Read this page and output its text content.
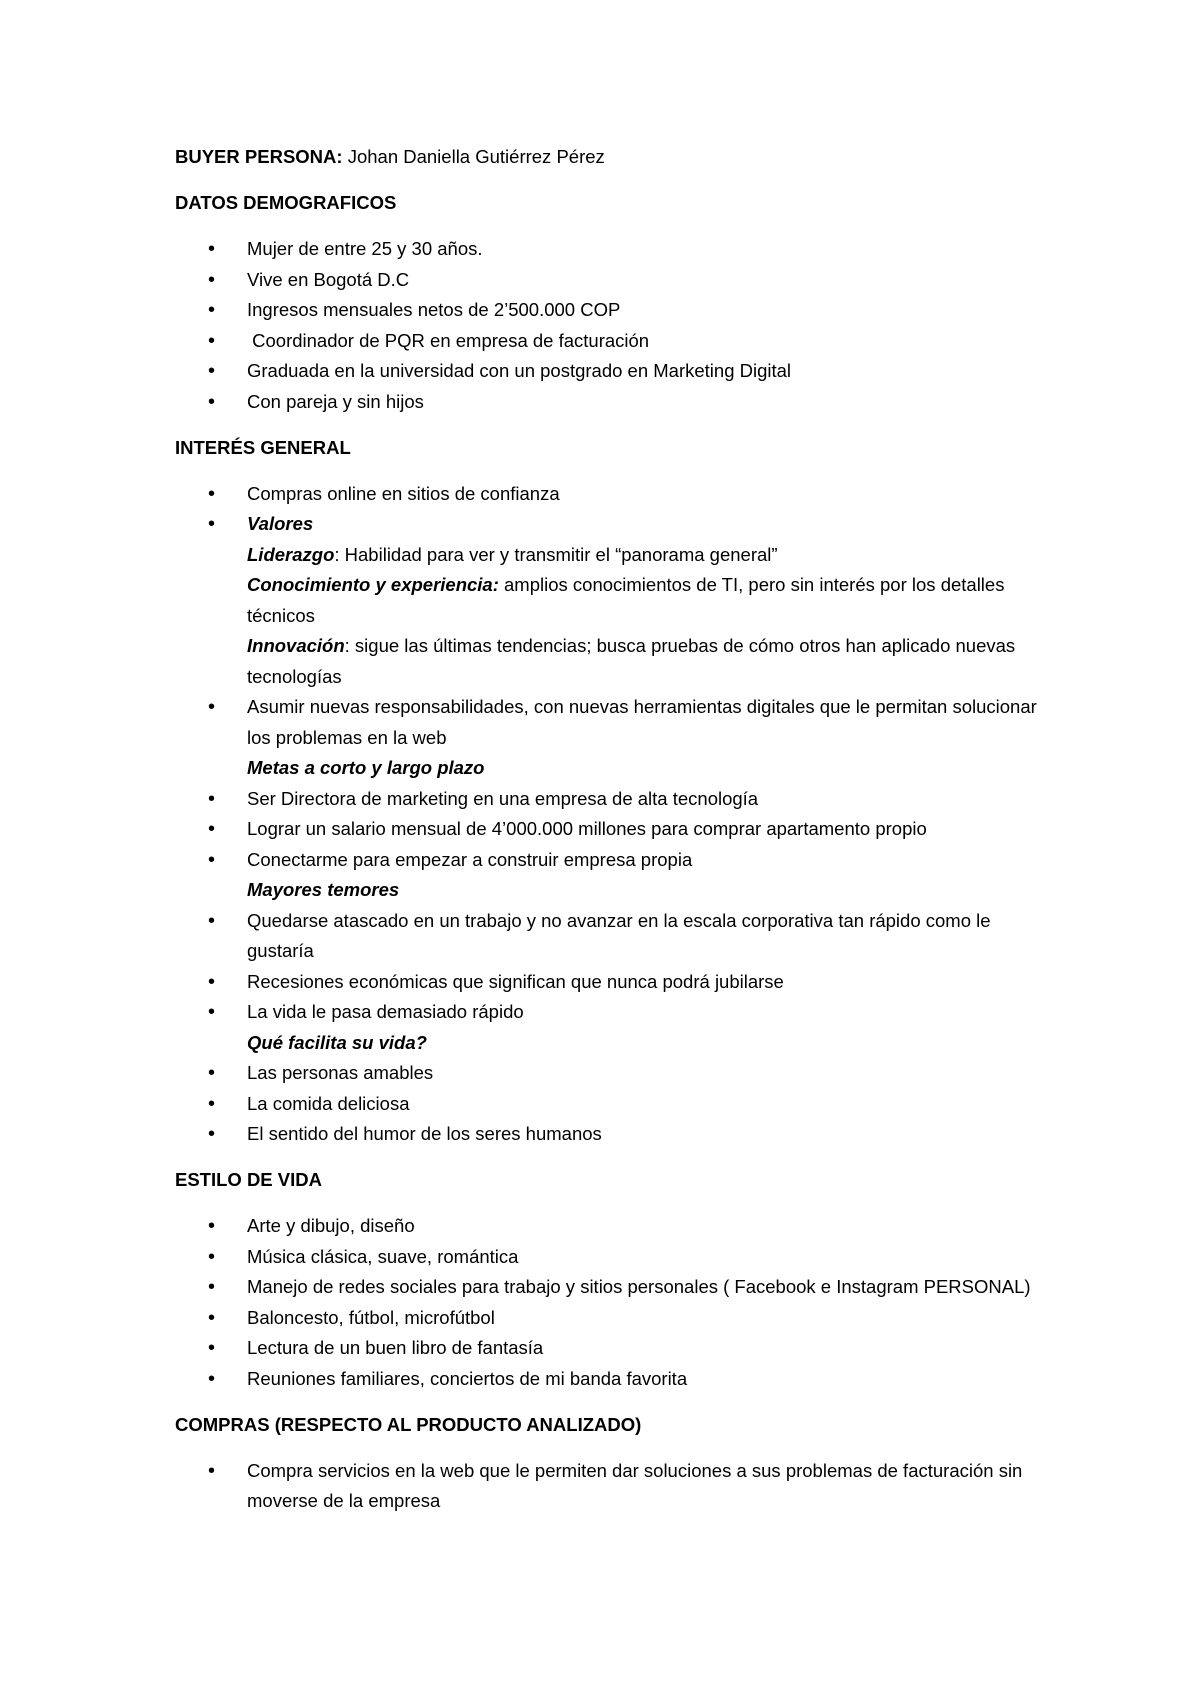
BUYER PERSONA: Johan Daniella Gutiérrez Pérez

DATOS DEMOGRAFICOS

• Mujer de entre 25 y 30 años.
• Vive en Bogotá D.C
• Ingresos mensuales netos de 2’500.000 COP
•  Coordinador de PQR en empresa de facturación
• Graduada en la universidad con un postgrado en Marketing Digital
• Con pareja y sin hijos

INTERÉS GENERAL

• Compras online en sitios de confianza
• Valores
Liderazgo: Habilidad para ver y transmitir el “panorama general”
Conocimiento y experiencia: amplios conocimientos de TI, pero sin interés por los detalles técnicos
Innovación: sigue las últimas tendencias; busca pruebas de cómo otros han aplicado nuevas tecnologías
• Asumir nuevas responsabilidades, con nuevas herramientas digitales que le permitan solucionar los problemas en la web
Metas a corto y largo plazo
• Ser Directora de marketing en una empresa de alta tecnología
• Lograr un salario mensual de 4’000.000 millones para comprar apartamento propio
• Conectarme para empezar a construir empresa propia
Mayores temores
• Quedarse atascado en un trabajo y no avanzar en la escala corporativa tan rápido como le gustaría
• Recesiones económicas que significan que nunca podrá jubilarse
• La vida le pasa demasiado rápido
Qué facilita su vida?
• Las personas amables
• La comida deliciosa
• El sentido del humor de los seres humanos

ESTILO DE VIDA

• Arte y dibujo, diseño
• Música clásica, suave, romántica
• Manejo de redes sociales para trabajo y sitios personales ( Facebook e Instagram PERSONAL)
• Baloncesto, fútbol, microfútbol
• Lectura de un buen libro de fantasía
• Reuniones familiares, conciertos de mi banda favorita

COMPRAS (RESPECTO AL PRODUCTO ANALIZADO)

• Compra servicios en la web que le permiten dar soluciones a sus problemas de facturación sin moverse de la empresa
